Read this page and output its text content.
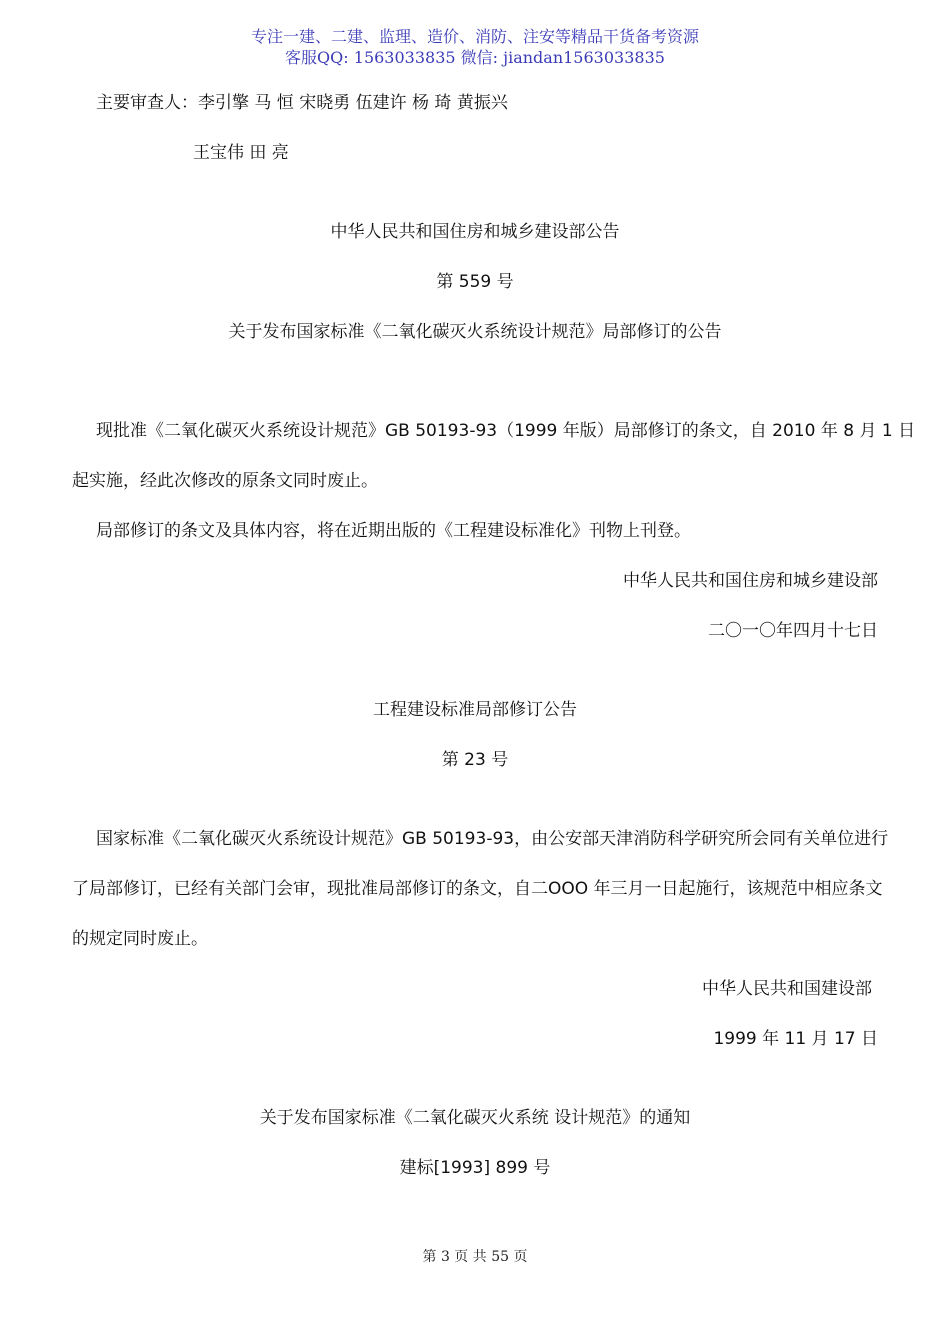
专注一建、二建、监理、造价、消防、注安等精品干货备考资源
客服QQ: 1563033835 微信: jiandan1563033835
主要审查人：李引擎 马 恒 宋晓勇 伍建许 杨 琦 黄振兴
王宝伟 田 亮
中华人民共和国住房和城乡建设部公告
第 559 号
关于发布国家标准《二氧化碳灭火系统设计规范》局部修订的公告
现批准《二氧化碳灭火系统设计规范》GB 50193-93（1999 年版）局部修订的条文，自 2010 年 8 月 1 日
起实施，经此次修改的原条文同时废止。
局部修订的条文及具体内容，将在近期出版的《工程建设标准化》刊物上刊登。
中华人民共和国住房和城乡建设部
二〇一〇年四月十七日
工程建设标准局部修订公告
第 23 号
国家标准《二氧化碳灭火系统设计规范》GB 50193-93，由公安部天津消防科学研究所会同有关单位进行
了局部修订，已经有关部门会审，现批准局部修订的条文，自二OOO 年三月一日起施行，该规范中相应条文
的规定同时废止。
中华人民共和国建设部
1999 年 11 月 17 日
关于发布国家标准《二氧化碳灭火系统 设计规范》的通知
建标[1993] 899 号
第 3 页 共 55 页
